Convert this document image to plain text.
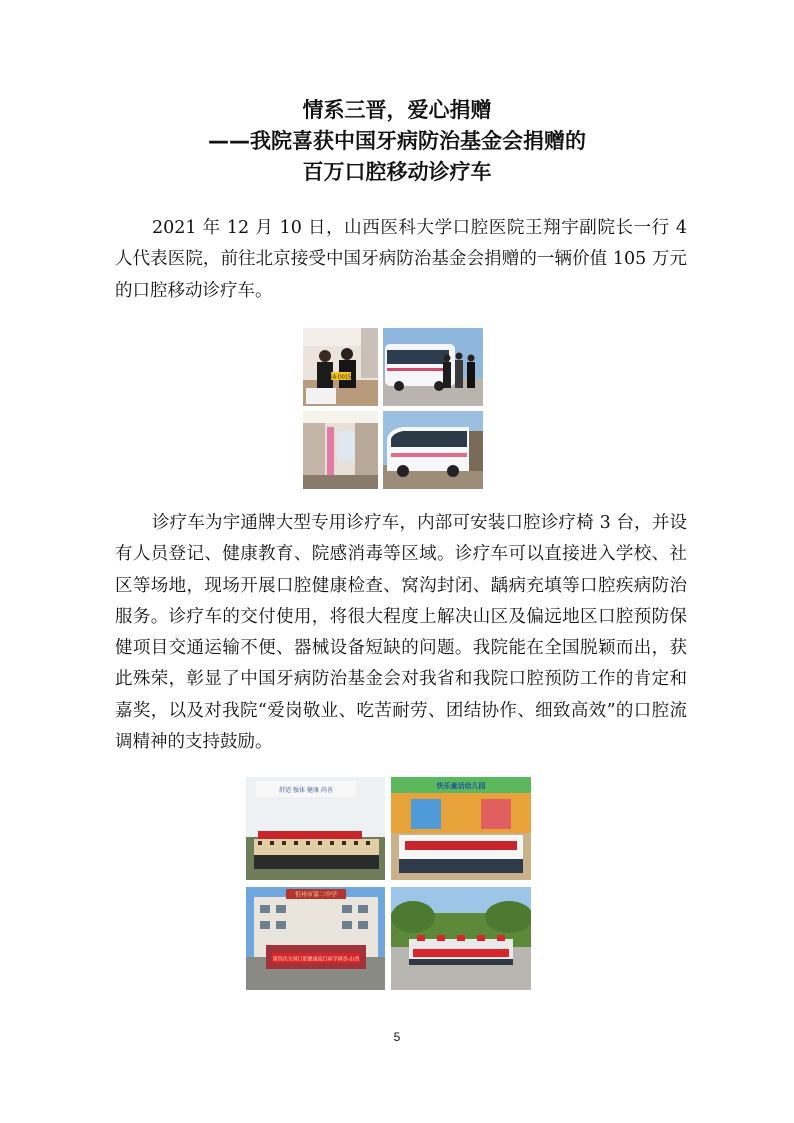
情系三晋，爱心捐赠
——我院喜获中国牙病防治基金会捐赠的
百万口腔移动诊疗车

2021 年 12 月 10 日，山西医科大学口腔医院王翔宇副院长一行 4 人代表医院，前往北京接受中国牙病防治基金会捐赠的一辆价值 105 万元的口腔移动诊疗车。

晋A·D0150

诊疗车为宇通牌大型专用诊疗车，内部可安装口腔诊疗椅 3 台，并设有人员登记、健康教育、院感消毒等区域。诊疗车可以直接进入学校、社区等场地，现场开展口腔健康检查、窝沟封闭、龋病充填等口腔疾病防治服务。诊疗车的交付使用，将很大程度上解决山区及偏远地区口腔预防保健项目交通运输不便、器械设备短缺的问题。我院能在全国脱颖而出，获此殊荣，彰显了中国牙病防治基金会对我省和我院口腔预防工作的肯定和嘉奖，以及对我院“爱岗敬业、吃苦耐劳、团结协作、细致高效”的口腔流调精神的支持鼓励。

舒适 强体 健康 尚善
快乐童话幼儿园
忻州市第二中学
第四次全国口腔健康流行病学调查-山西
5
